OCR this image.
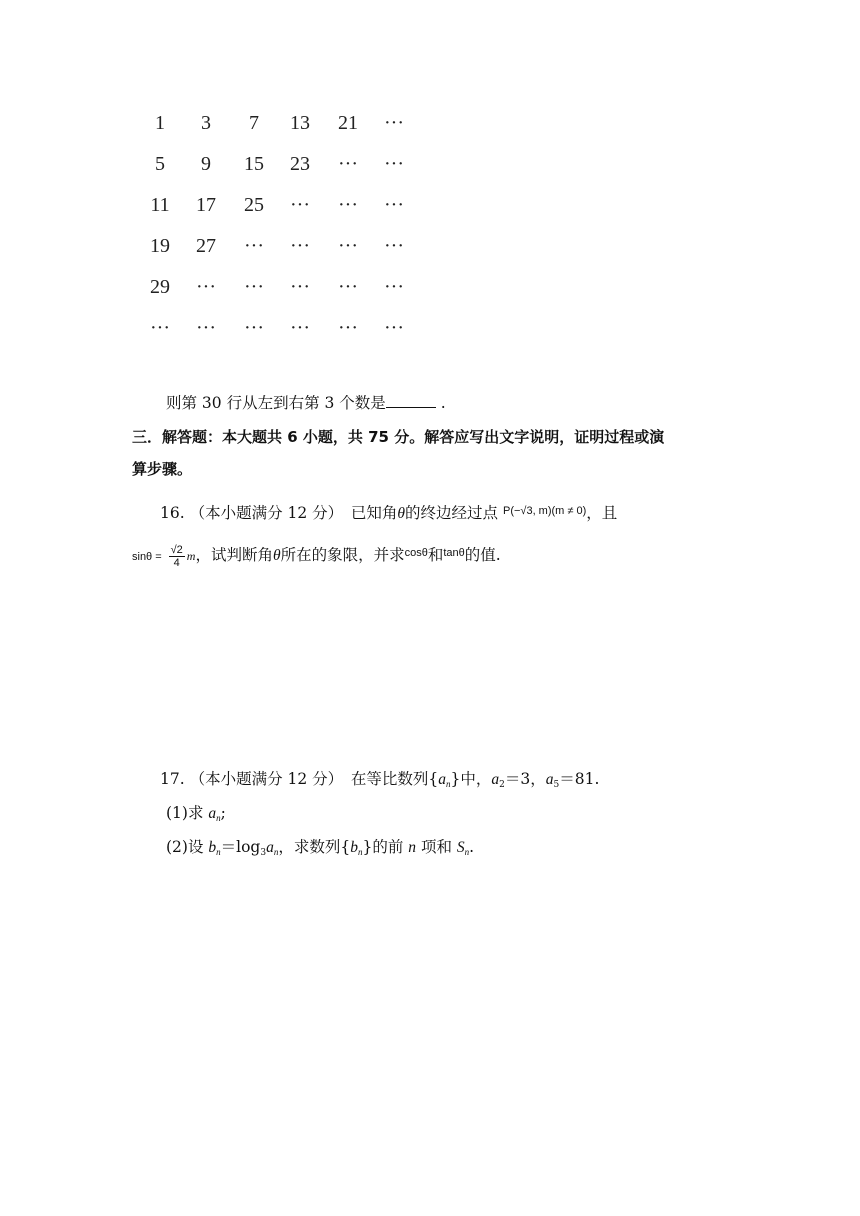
1	3	7	13	21	···
5	9	15	23	···	···
11	17	25	···	···	···
19	27	···	···	···	···
29	···	···	···	···	···
···	···	···	···	···	···
则第 30 行从左到右第 3 个数是	.
三．解答题：本大题共 6 小题，共 75 分。解答应写出文字说明，证明过程或演
算步骤。
16. （本小题满分 12 分）　已知角θ的终边经过点 $^{P(-√3, m)(m \ne 0)}$，且
$\sin\theta = \frac{√2}{4}$ m，试判断角θ所在的象限，并求$^{cos\theta}$和$^{tan\theta}$的值.
17. （本小题满分 12 分）　在等比数列$\{a_n\}$中，$a_2=3$，$a_5=81$.
(1)求 $a_n$;
(2)设 $b_n=\log_3a_n$，求数列$\{b_n\}$的前 n 项和 $S_n$.
